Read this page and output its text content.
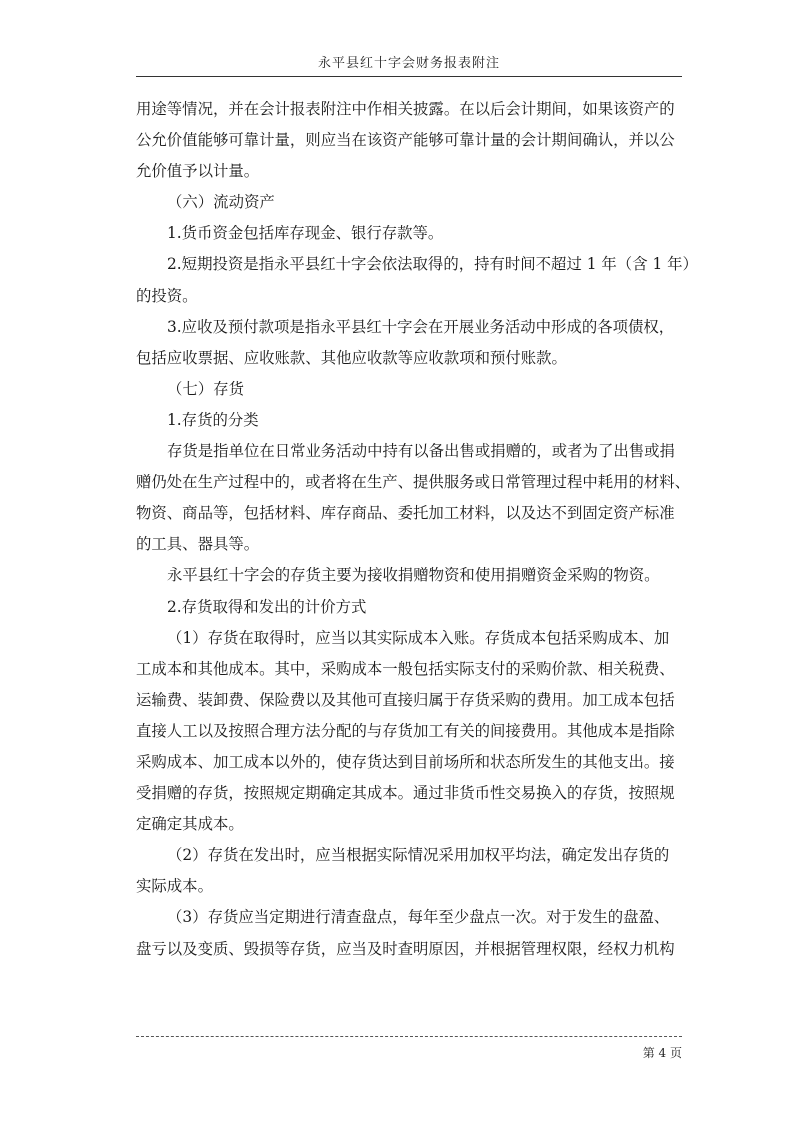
永平县红十字会财务报表附注
用途等情况，并在会计报表附注中作相关披露。在以后会计期间，如果该资产的
公允价值能够可靠计量，则应当在该资产能够可靠计量的会计期间确认，并以公
允价值予以计量。
（六）流动资产
1.货币资金包括库存现金、银行存款等。
2.短期投资是指永平县红十字会依法取得的，持有时间不超过 1 年（含 1 年）
的投资。
3.应收及预付款项是指永平县红十字会在开展业务活动中形成的各项债权，
包括应收票据、应收账款、其他应收款等应收款项和预付账款。
（七）存货
1.存货的分类
存货是指单位在日常业务活动中持有以备出售或捐赠的，或者为了出售或捐
赠仍处在生产过程中的，或者将在生产、提供服务或日常管理过程中耗用的材料、
物资、商品等，包括材料、库存商品、委托加工材料，以及达不到固定资产标准
的工具、器具等。
永平县红十字会的存货主要为接收捐赠物资和使用捐赠资金采购的物资。
2.存货取得和发出的计价方式
（1）存货在取得时，应当以其实际成本入账。存货成本包括采购成本、加
工成本和其他成本。其中，采购成本一般包括实际支付的采购价款、相关税费、
运输费、装卸费、保险费以及其他可直接归属于存货采购的费用。加工成本包括
直接人工以及按照合理方法分配的与存货加工有关的间接费用。其他成本是指除
采购成本、加工成本以外的，使存货达到目前场所和状态所发生的其他支出。接
受捐赠的存货，按照规定期确定其成本。通过非货币性交易换入的存货，按照规
定确定其成本。
（2）存货在发出时，应当根据实际情况采用加权平均法，确定发出存货的
实际成本。
（3）存货应当定期进行清查盘点，每年至少盘点一次。对于发生的盘盈、
盘亏以及变质、毁损等存货，应当及时查明原因，并根据管理权限，经权力机构
第 4 页
